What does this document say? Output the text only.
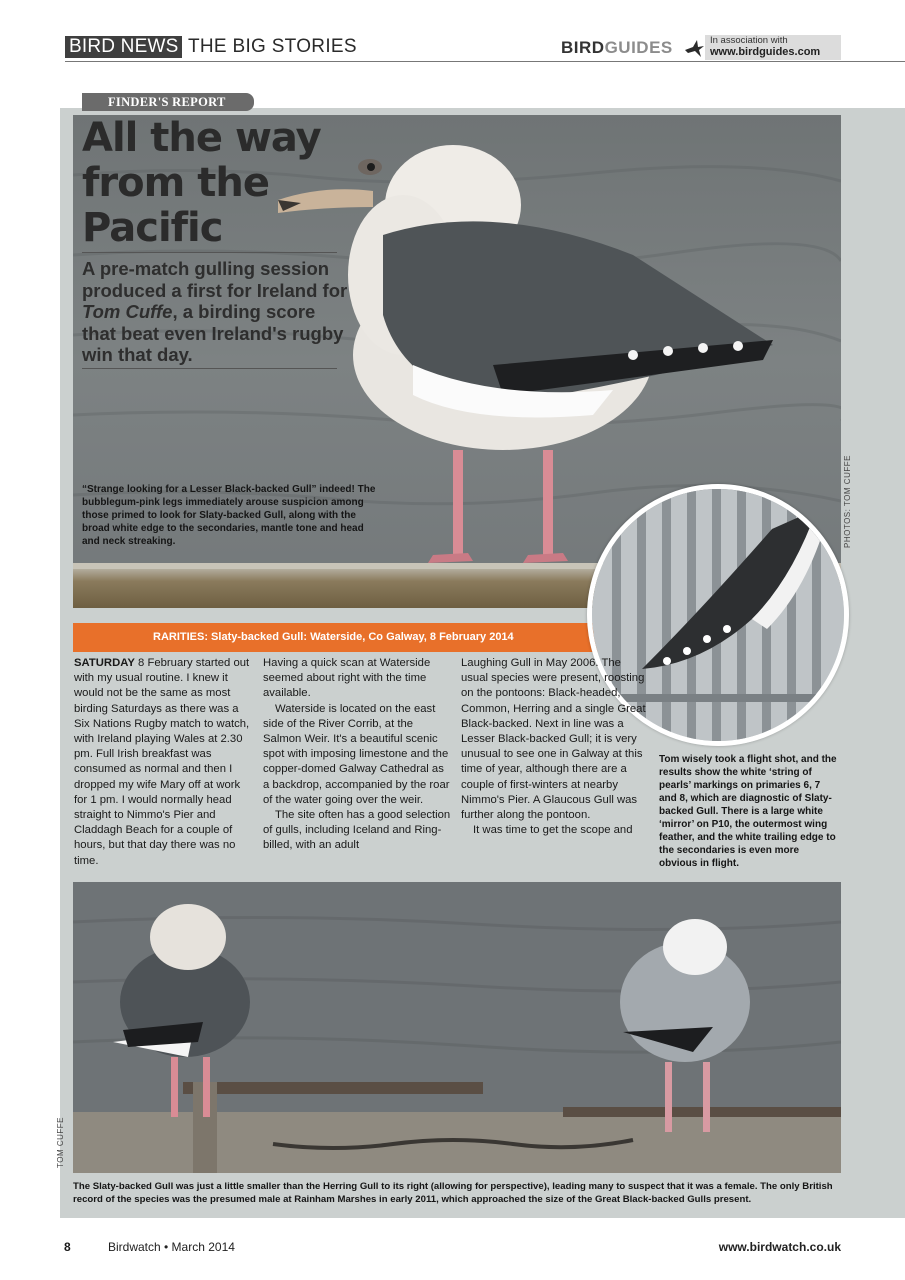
BIRD NEWS THE BIG STORIES	BIRDGUIDES	In association with
www.birdguides.com
FINDER'S REPORT
All the way from the Pacific
A pre-match gulling session produced a first for Ireland for Tom Cuffe, a birding score that beat even Ireland's rugby win that day.
“Strange looking for a Lesser Black-backed Gull” indeed! The bubblegum-pink legs immediately arouse suspicion among those primed to look for Slaty-backed Gull, along with the broad white edge to the secondaries, mantle tone and head and neck streaking.	PHOTOS: TOM CUFFE
RARITIES: Slaty-backed Gull: Waterside, Co Galway, 8 February 2014

SATURDAY 8 February started out with my usual routine. I knew it would not be the same as most birding Saturdays as there was a Six Nations Rugby match to watch, with Ireland playing Wales at 2.30 pm. Full Irish breakfast was consumed as normal and then I dropped my wife Mary off at work for 1 pm. I would normally head straight to Nimmo's Pier and Claddagh Beach for a couple of hours, but that day there was no time.

Having a quick scan at Waterside seemed about right with the time available.

Waterside is located on the east side of the River Corrib, at the Salmon Weir. It's a beautiful scenic spot with imposing limestone and the copper-domed Galway Cathedral as a backdrop, accompanied by the roar of the water going over the weir.

The site often has a good selection of gulls, including Iceland and Ring-billed, with an adult

Laughing Gull in May 2006. The usual species were present, roosting on the pontoons: Black-headed, Common, Herring and a single Great Black-backed. Next in line was a Lesser Black-backed Gull; it is very unusual to see one in Galway at this time of year, although there are a couple of first-winters at nearby Nimmo's Pier. A Glaucous Gull was further along the pontoon.

It was time to get the scope and

Tom wisely took a flight shot, and the results show the white ‘string of pearls’ markings on primaries 6, 7 and 8, which are diagnostic of Slaty-backed Gull. There is a large white ‘mirror’ on P10, the outermost wing feather, and the white trailing edge to the secondaries is even more obvious in flight.
TOM CUFFE
The Slaty-backed Gull was just a little smaller than the Herring Gull to its right (allowing for perspective), leading many to suspect that it was a female. The only British record of the species was the presumed male at Rainham Marshes in early 2011, which approached the size of the Great Black-backed Gulls present.
8	Birdwatch • March 2014	www.birdwatch.co.uk
